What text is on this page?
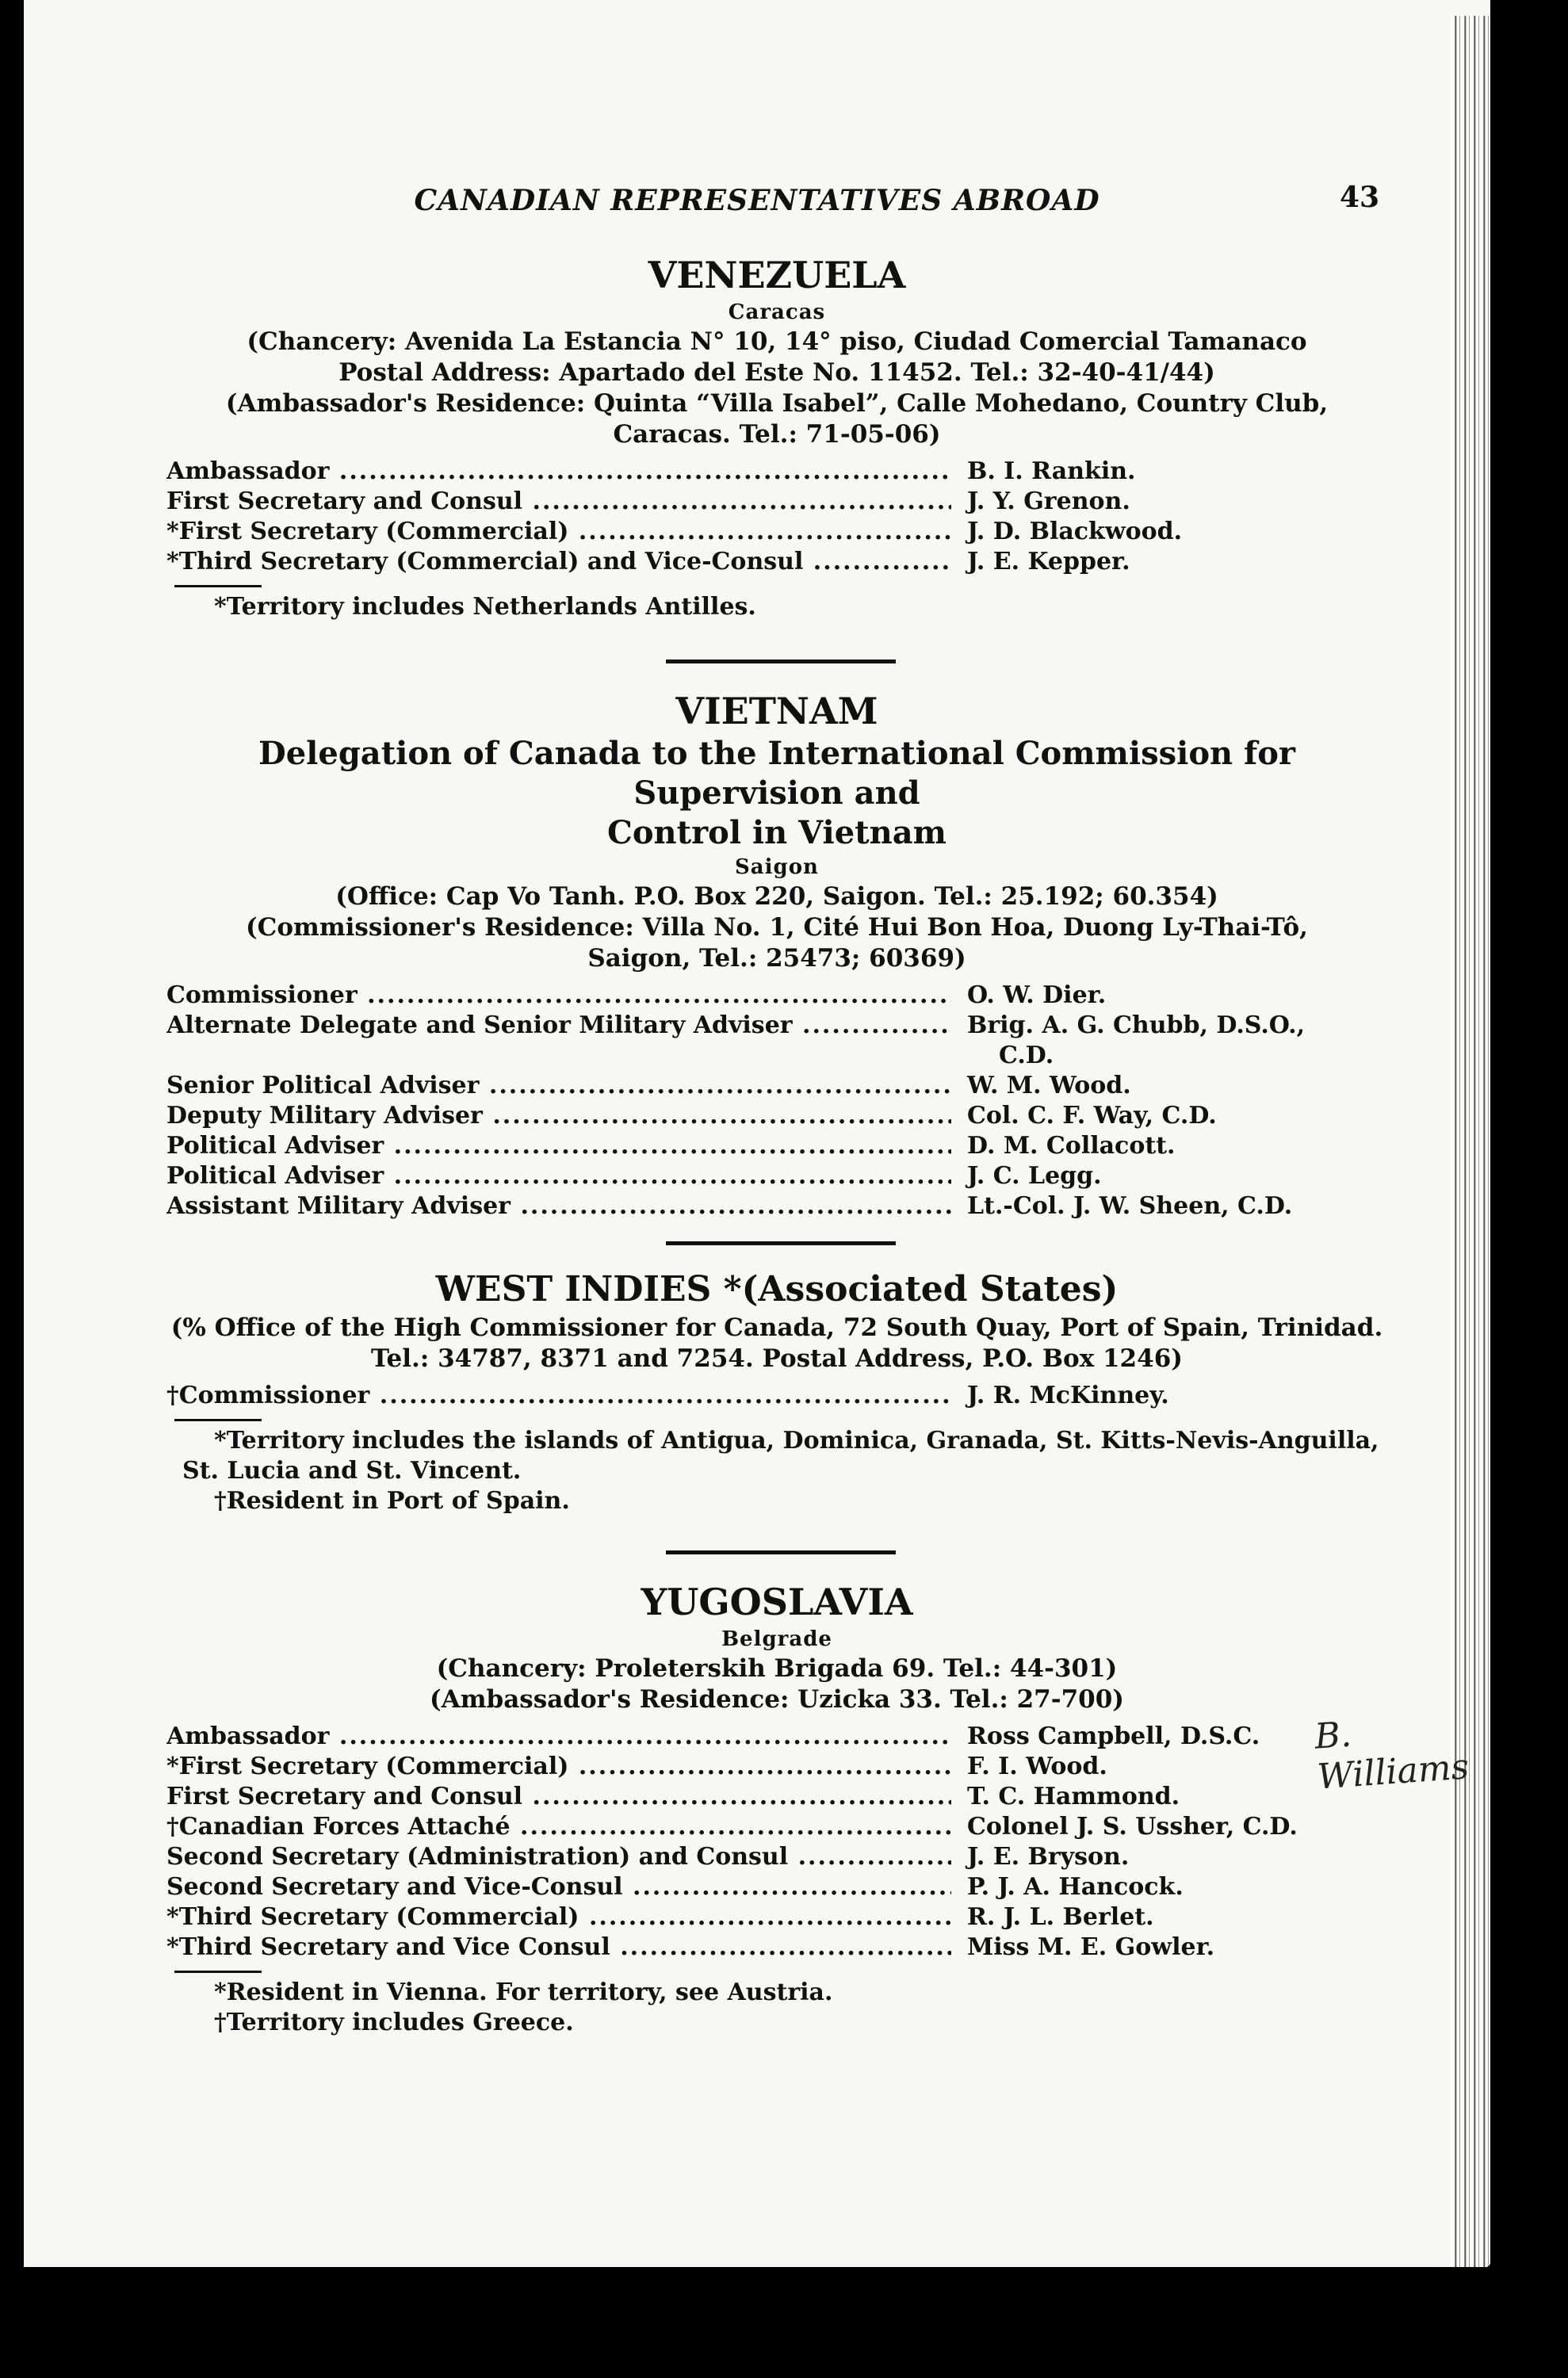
CANADIAN REPRESENTATIVES ABROAD	43
VENEZUELA
Caracas
(Chancery: Avenida La Estancia N° 10, 14° piso, Ciudad Comercial Tamanaco
Postal Address: Apartado del Este No. 11452. Tel.: 32-40-41/44)
(Ambassador's Residence: Quinta “Villa Isabel”, Calle Mohedano, Country Club,
Caracas. Tel.: 71-05-06)
Ambassador .....	B. I. Rankin.
First Secretary and Consul .....	J. Y. Grenon.
*First Secretary (Commercial) .....	J. D. Blackwood.
*Third Secretary (Commercial) and Vice-Consul .....	J. E. Kepper.
*Territory includes Netherlands Antilles.
VIETNAM
Delegation of Canada to the International Commission for Supervision and
Control in Vietnam
Saigon
(Office: Cap Vo Tanh. P.O. Box 220, Saigon. Tel.: 25.192; 60.354)
(Commissioner's Residence: Villa No. 1, Cité Hui Bon Hoa, Duong Ly-Thai-Tô,
Saigon, Tel.: 25473; 60369)
Commissioner .....	O. W. Dier.
Alternate Delegate and Senior Military Adviser .....	Brig. A. G. Chubb, D.S.O.,
C.D.
Senior Political Adviser .....	W. M. Wood.
Deputy Military Adviser .....	Col. C. F. Way, C.D.
Political Adviser .....	D. M. Collacott.
Political Adviser .....	J. C. Legg.
Assistant Military Adviser .....	Lt.-Col. J. W. Sheen, C.D.
WEST INDIES *(Associated States)
(% Office of the High Commissioner for Canada, 72 South Quay, Port of Spain, Trinidad.
Tel.: 34787, 8371 and 7254. Postal Address, P.O. Box 1246)
†Commissioner .....	J. R. McKinney.
*Territory includes the islands of Antigua, Dominica, Granada, St. Kitts-Nevis-Anguilla,
St. Lucia and St. Vincent.
†Resident in Port of Spain.
YUGOSLAVIA
Belgrade
(Chancery: Proleterskih Brigada 69. Tel.: 44-301)
(Ambassador's Residence: Uzicka 33. Tel.: 27-700)
Ambassador .....	Ross Campbell, D.S.C.
*First Secretary (Commercial) .....	F. I. Wood.
First Secretary and Consul .....	T. C. Hammond.
†Canadian Forces Attaché .....	Colonel J. S. Ussher, C.D.
Second Secretary (Administration) and Consul .....	J. E. Bryson.
Second Secretary and Vice-Consul .....	P. J. A. Hancock.
*Third Secretary (Commercial) .....	R. J. L. Berlet.
*Third Secretary and Vice Consul .....	Miss M. E. Gowler.
*Resident in Vienna. For territory, see Austria.
†Territory includes Greece.
B. Williams
